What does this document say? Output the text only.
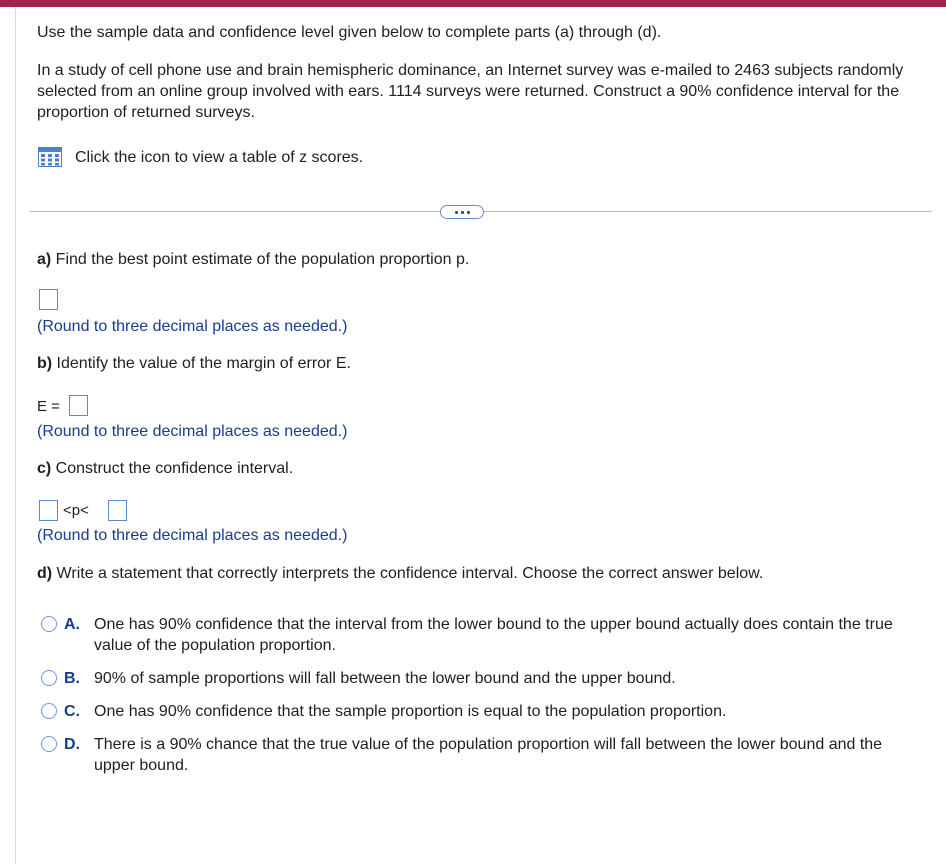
Use the sample data and confidence level given below to complete parts (a) through (d).
In a study of cell phone use and brain hemispheric dominance, an Internet survey was e-mailed to 2463 subjects randomly selected from an online group involved with ears. 1114 surveys were returned. Construct a 90% confidence interval for the proportion of returned surveys.
Click the icon to view a table of z scores.
a) Find the best point estimate of the population proportion p.
(Round to three decimal places as needed.)
b) Identify the value of the margin of error E.
E =
(Round to three decimal places as needed.)
c) Construct the confidence interval.
<p<
(Round to three decimal places as needed.)
d) Write a statement that correctly interprets the confidence interval. Choose the correct answer below.
A. One has 90% confidence that the interval from the lower bound to the upper bound actually does contain the true value of the population proportion.
B. 90% of sample proportions will fall between the lower bound and the upper bound.
C. One has 90% confidence that the sample proportion is equal to the population proportion.
D. There is a 90% chance that the true value of the population proportion will fall between the lower bound and the upper bound.
